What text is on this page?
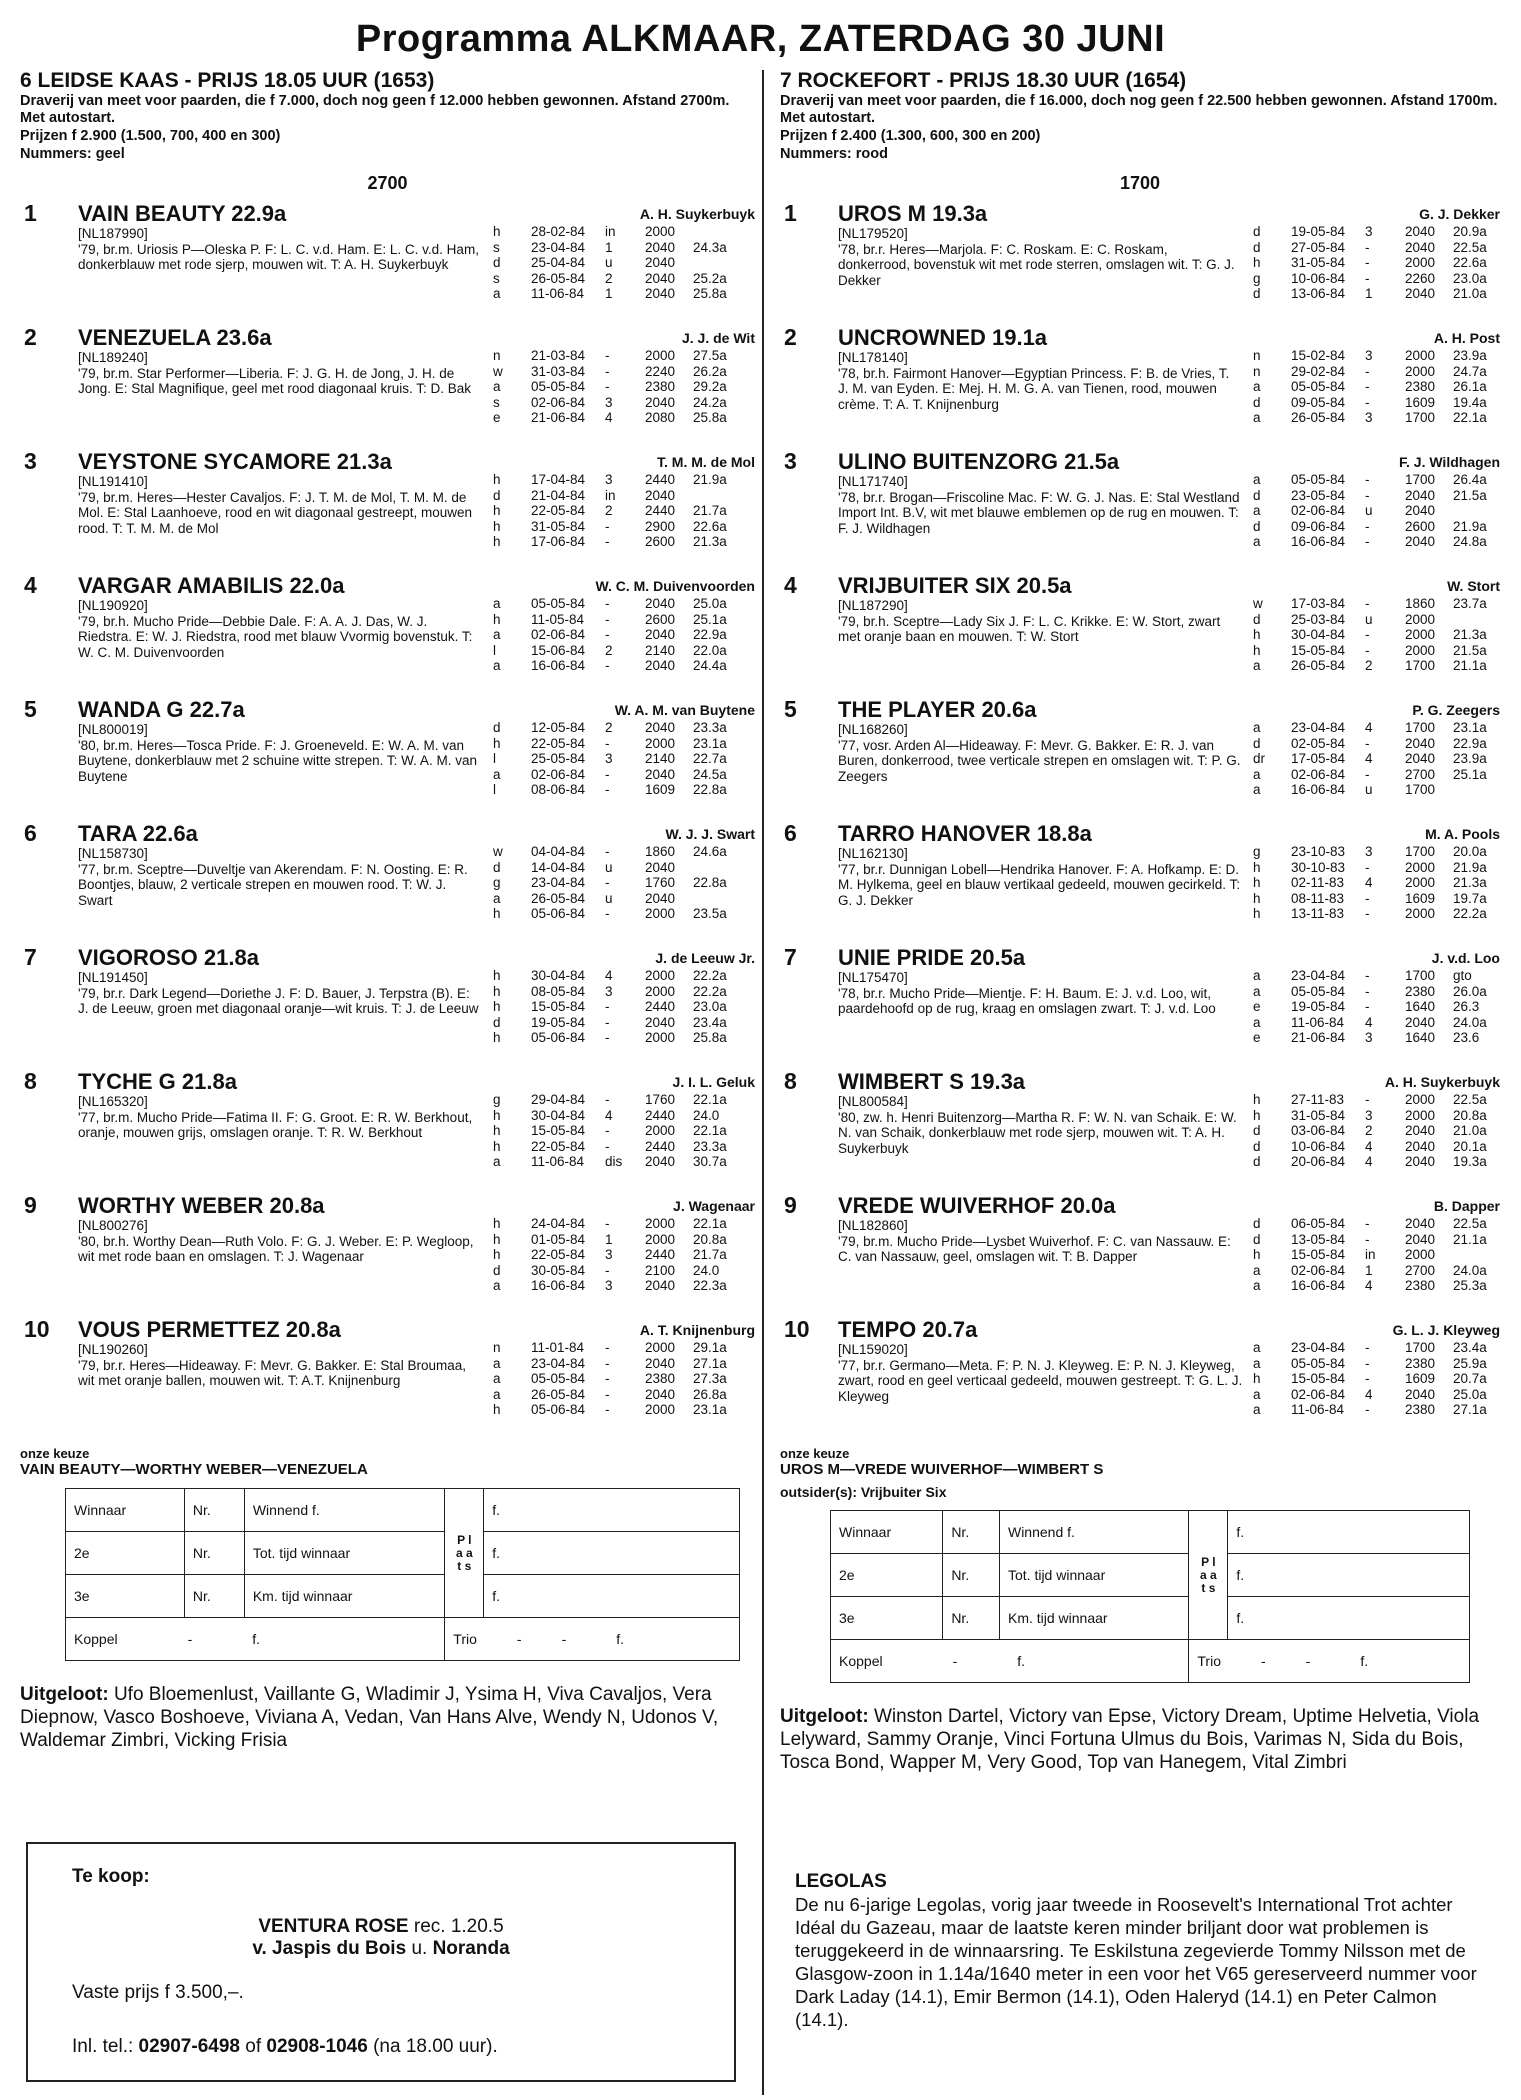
Programma ALKMAAR, ZATERDAG 30 JUNI
6 LEIDSE KAAS - PRIJS 18.05 UUR (1653)
Draverij van meet voor paarden, die f 7.000, doch nog geen f 12.000 hebben gewonnen. Afstand 2700m. Met autostart.
Prijzen f 2.900 (1.500, 700, 400 en 300)
Nummers: geel
2700
1	VAIN BEAUTY 22.9a
[NL187990]
'79, br.m. Uriosis P—Oleska P. F: L. C. v.d. Ham. E: L. C. v.d. Ham, donkerblauw met rode sjerp, mouwen wit. T: A. H. Suykerbuyk
A. H. Suykerbuyk
h	28-02-84	in	2000
s	23-04-84	1	2040	24.3a
d	25-04-84	u	2040
s	26-05-84	2	2040	25.2a
a	11-06-84	1	2040	25.8a
2	VENEZUELA 23.6a
[NL189240]
'79, br.m. Star Performer—Liberia. F: J. G. H. de Jong, J. H. de Jong. E: Stal Magnifique, geel met rood diagonaal kruis. T: D. Bak
J. J. de Wit
n	21-03-84	-	2000	27.5a
w	31-03-84	-	2240	26.2a
a	05-05-84	-	2380	29.2a
s	02-06-84	3	2040	24.2a
e	21-06-84	4	2080	25.8a
3	VEYSTONE SYCAMORE 21.3a
[NL191410]
'79, br.m. Heres—Hester Cavaljos. F: J. T. M. de Mol, T. M. M. de Mol. E: Stal Laanhoeve, rood en wit diagonaal gestreept, mouwen rood. T: T. M. M. de Mol
T. M. M. de Mol
h	17-04-84	3	2440	21.9a
d	21-04-84	in	2040
h	22-05-84	2	2440	21.7a
h	31-05-84	-	2900	22.6a
h	17-06-84	-	2600	21.3a
4	VARGAR AMABILIS 22.0a
[NL190920]
'79, br.h. Mucho Pride—Debbie Dale. F: A. A. J. Das, W. J. Riedstra. E: W. J. Riedstra, rood met blauw Vvormig bovenstuk. T: W. C. M. Duivenvoorden
W. C. M. Duivenvoorden
a	05-05-84	-	2040	25.0a
h	11-05-84	-	2600	25.1a
a	02-06-84	-	2040	22.9a
l	15-06-84	2	2140	22.0a
a	16-06-84	-	2040	24.4a
5	WANDA G 22.7a
[NL800019]
'80, br.m. Heres—Tosca Pride. F: J. Groeneveld. E: W. A. M. van Buytene, donkerblauw met 2 schuine witte strepen. T: W. A. M. van Buytene
W. A. M. van Buytene
d	12-05-84	2	2040	23.3a
h	22-05-84	-	2000	23.1a
l	25-05-84	3	2140	22.7a
a	02-06-84	-	2040	24.5a
l	08-06-84	-	1609	22.8a
6	TARA 22.6a
[NL158730]
'77, br.m. Sceptre—Duveltje van Akerendam. F: N. Oosting. E: R. Boontjes, blauw, 2 verticale strepen en mouwen rood. T: W. J. Swart
W. J. J. Swart
w	04-04-84	-	1860	24.6a
d	14-04-84	u	2040
g	23-04-84	-	1760	22.8a
a	26-05-84	u	2040
h	05-06-84	-	2000	23.5a
7	VIGOROSO 21.8a
[NL191450]
'79, br.r. Dark Legend—Doriethe J. F: D. Bauer, J. Terpstra (B). E: J. de Leeuw, groen met diagonaal oranje—wit kruis. T: J. de Leeuw
J. de Leeuw Jr.
h	30-04-84	4	2000	22.2a
h	08-05-84	3	2000	22.2a
h	15-05-84	-	2440	23.0a
d	19-05-84	-	2040	23.4a
h	05-06-84	-	2000	25.8a
8	TYCHE G 21.8a
[NL165320]
'77, br.m. Mucho Pride—Fatima II. F: G. Groot. E: R. W. Berkhout, oranje, mouwen grijs, omslagen oranje. T: R. W. Berkhout
J. I. L. Geluk
g	29-04-84	-	1760	22.1a
h	30-04-84	4	2440	24.0
h	15-05-84	-	2000	22.1a
h	22-05-84	-	2440	23.3a
a	11-06-84	dis	2040	30.7a
9	WORTHY WEBER 20.8a
[NL800276]
'80, br.h. Worthy Dean—Ruth Volo. F: G. J. Weber. E: P. Wegloop, wit met rode baan en omslagen. T: J. Wagenaar
J. Wagenaar
h	24-04-84	-	2000	22.1a
h	01-05-84	1	2000	20.8a
h	22-05-84	3	2440	21.7a
d	30-05-84	-	2100	24.0
a	16-06-84	3	2040	22.3a
10	VOUS PERMETTEZ 20.8a
[NL190260]
'79, br.r. Heres—Hideaway. F: Mevr. G. Bakker. E: Stal Broumaa, wit met oranje ballen, mouwen wit. T: A.T. Knijnenburg
A. T. Knijnenburg
n	11-01-84	-	2000	29.1a
a	23-04-84	-	2040	27.1a
a	05-05-84	-	2380	27.3a
a	26-05-84	-	2040	26.8a
h	05-06-84	-	2000	23.1a
onze keuze
VAIN BEAUTY—WORTHY WEBER—VENEZUELA
Winnaar	Nr.	Winnend f.	P l a a t s	f.
2e	Nr.	Tot. tijd winnaar		f.
3e	Nr.	Km. tijd winnaar		f.
Koppel - f.			Trio - - f.	
Uitgeloot: Ufo Bloemenlust, Vaillante G, Wladimir J, Ysima H, Viva Cavaljos, Vera Diepnow, Vasco Boshoeve, Viviana A, Vedan, Van Hans Alve, Wendy N, Udonos V, Waldemar Zimbri, Vicking Frisia
7 ROCKEFORT - PRIJS 18.30 UUR (1654)
Draverij van meet voor paarden, die f 16.000, doch nog geen f 22.500 hebben gewonnen. Afstand 1700m. Met autostart.
Prijzen f 2.400 (1.300, 600, 300 en 200)
Nummers: rood
1700
1	UROS M 19.3a
[NL179520]
'78, br.r. Heres—Marjola. F: C. Roskam. E: C. Roskam, donkerrood, bovenstuk wit met rode sterren, omslagen wit. T: G. J. Dekker
G. J. Dekker
d	19-05-84	3	2040	20.9a
d	27-05-84	-	2040	22.5a
h	31-05-84	-	2000	22.6a
g	10-06-84	-	2260	23.0a
d	13-06-84	1	2040	21.0a
2	UNCROWNED 19.1a
[NL178140]
'78, br.h. Fairmont Hanover—Egyptian Princess. F: B. de Vries, T. J. M. van Eyden. E: Mej. H. M. G. A. van Tienen, rood, mouwen crème. T: A. T. Knijnenburg
A. H. Post
n	15-02-84	3	2000	23.9a
n	29-02-84	-	2000	24.7a
a	05-05-84	-	2380	26.1a
d	09-05-84	-	1609	19.4a
a	26-05-84	3	1700	22.1a
3	ULINO BUITENZORG 21.5a
[NL171740]
'78, br.r. Brogan—Friscoline Mac. F: W. G. J. Nas. E: Stal Westland Import Int. B.V, wit met blauwe emblemen op de rug en mouwen. T: F. J. Wildhagen
F. J. Wildhagen
a	05-05-84	-	1700	26.4a
d	23-05-84	-	2040	21.5a
a	02-06-84	u	2040
d	09-06-84	-	2600	21.9a
a	16-06-84	-	2040	24.8a
4	VRIJBUITER SIX 20.5a
[NL187290]
'79, br.h. Sceptre—Lady Six J. F: L. C. Krikke. E: W. Stort, zwart met oranje baan en mouwen. T: W. Stort
W. Stort
w	17-03-84	-	1860	23.7a
d	25-03-84	u	2000
h	30-04-84	-	2000	21.3a
h	15-05-84	-	2000	21.5a
a	26-05-84	2	1700	21.1a
5	THE PLAYER 20.6a
[NL168260]
'77, vosr. Arden Al—Hideaway. F: Mevr. G. Bakker. E: R. J. van Buren, donkerrood, twee verticale strepen en omslagen wit. T: P. G. Zeegers
P. G. Zeegers
a	23-04-84	4	1700	23.1a
d	02-05-84	-	2040	22.9a
dr	17-05-84	4	2040	23.9a
a	02-06-84	-	2700	25.1a
a	16-06-84	u	1700
6	TARRO HANOVER 18.8a
[NL162130]
'77, br.r. Dunnigan Lobell—Hendrika Hanover. F: A. Hofkamp. E: D. M. Hylkema, geel en blauw vertikaal gedeeld, mouwen gecirkeld. T: G. J. Dekker
M. A. Pools
g	23-10-83	3	1700	20.0a
h	30-10-83	-	2000	21.9a
h	02-11-83	4	2000	21.3a
h	08-11-83	-	1609	19.7a
h	13-11-83	-	2000	22.2a
7	UNIE PRIDE 20.5a
[NL175470]
'78, br.r. Mucho Pride—Mientje. F: H. Baum. E: J. v.d. Loo, wit, paardehoofd op de rug, kraag en omslagen zwart. T: J. v.d. Loo
J. v.d. Loo
a	23-04-84	-	1700	gto
a	05-05-84	-	2380	26.0a
e	19-05-84	-	1640	26.3
a	11-06-84	4	2040	24.0a
e	21-06-84	3	1640	23.6
8	WIMBERT S 19.3a
[NL800584]
'80, zw. h. Henri Buitenzorg—Martha R. F: W. N. van Schaik. E: W. N. van Schaik, donkerblauw met rode sjerp, mouwen wit. T: A. H. Suykerbuyk
A. H. Suykerbuyk
h	27-11-83	-	2000	22.5a
h	31-05-84	3	2000	20.8a
d	03-06-84	2	2040	21.0a
d	10-06-84	4	2040	20.1a
d	20-06-84	4	2040	19.3a
9	VREDE WUIVERHOF 20.0a
[NL182860]
'79, br.m. Mucho Pride—Lysbet Wuiverhof. F: C. van Nassauw. E: C. van Nassauw, geel, omslagen wit. T: B. Dapper
B. Dapper
d	06-05-84	-	2040	22.5a
d	13-05-84	-	2040	21.1a
h	15-05-84	in	2000
a	02-06-84	1	2700	24.0a
a	16-06-84	4	2380	25.3a
10	TEMPO 20.7a
[NL159020]
'77, br.r. Germano—Meta. F: P. N. J. Kleyweg. E: P. N. J. Kleyweg, zwart, rood en geel verticaal gedeeld, mouwen gestreept. T: G. L. J. Kleyweg
G. L. J. Kleyweg
a	23-04-84	-	1700	23.4a
a	05-05-84	-	2380	25.9a
h	15-05-84	-	1609	20.7a
a	02-06-84	4	2040	25.0a
a	11-06-84	-	2380	27.1a
onze keuze
UROS M—VREDE WUIVERHOF—WIMBERT S
outsider(s): Vrijbuiter Six
Winnaar	Nr.	Winnend f.	P l a a t s	f.
2e	Nr.	Tot. tijd winnaar		f.
3e	Nr.	Km. tijd winnaar		f.
Koppel - f.			Trio - - f.	
Uitgeloot: Winston Dartel, Victory van Epse, Victory Dream, Uptime Helvetia, Viola Lelyward, Sammy Oranje, Vinci Fortuna Ulmus du Bois, Varimas N, Sida du Bois, Tosca Bond, Wapper M, Very Good, Top van Hanegem, Vital Zimbri
Te koop:
VENTURA ROSE rec. 1.20.5
v. Jaspis du Bois u. Noranda
Vaste prijs f 3.500,–.
Inl. tel.: 02907-6498 of 02908-1046 (na 18.00 uur).
LEGOLAS
De nu 6-jarige Legolas, vorig jaar tweede in Roosevelt's International Trot achter Idéal du Gazeau, maar de laatste keren minder briljant door wat problemen is teruggekeerd in de winnaarsring. Te Eskilstuna zegevierde Tommy Nilsson met de Glasgow-zoon in 1.14a/1640 meter in een voor het V65 gereserveerd nummer voor Dark Laday (14.1), Emir Bermon (14.1), Oden Haleryd (14.1) en Peter Calmon (14.1).
